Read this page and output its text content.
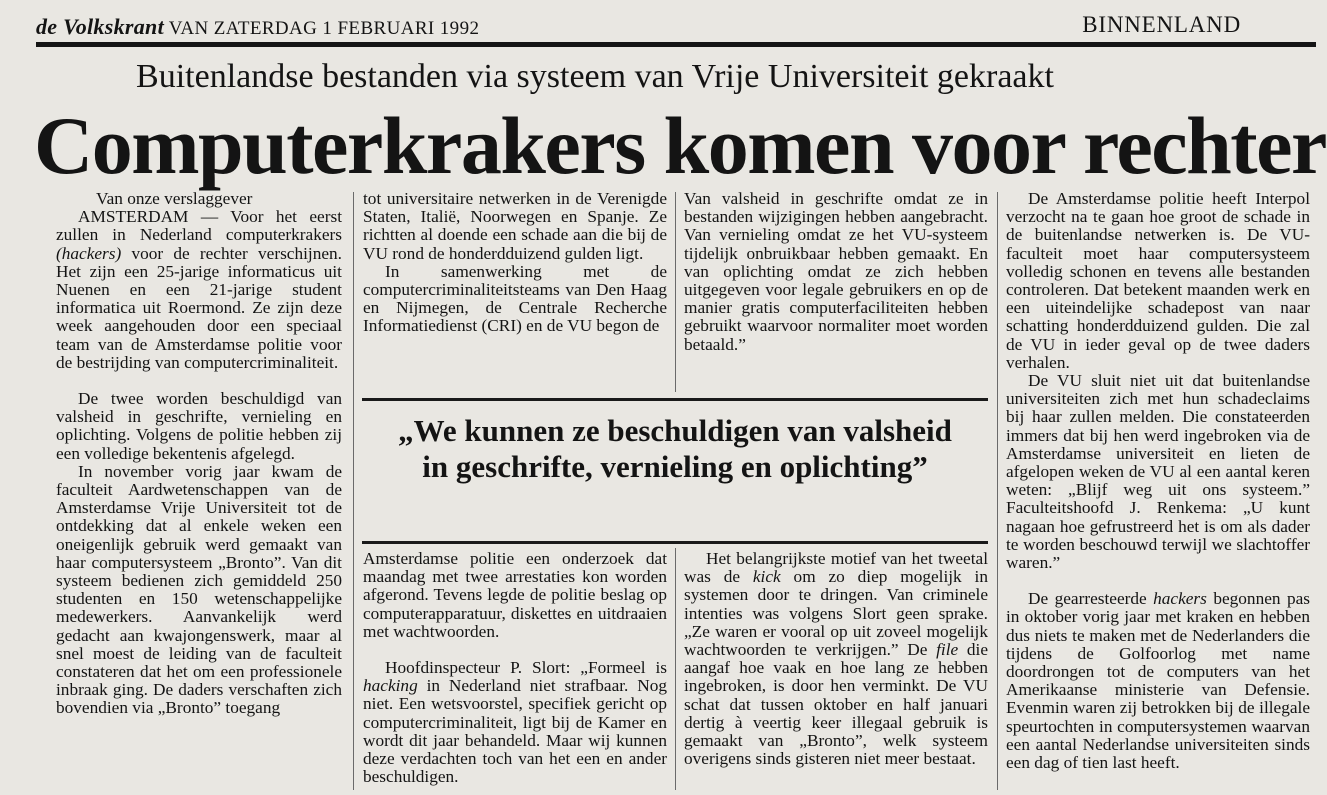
de Volkskrant VAN ZATERDAG 1 FEBRUARI 1992	BINNENLAND
Buitenlandse bestanden via systeem van Vrije Universiteit gekraakt
Computerkrakers komen voor rechter

Van onze verslaggever

AMSTERDAM — Voor het eerst zullen in Nederland computerkrakers (hackers) voor de rechter verschijnen. Het zijn een 25-jarige informaticus uit Nuenen en een 21-jarige student informatica uit Roermond. Ze zijn deze week aangehouden door een speciaal team van de Amsterdamse politie voor de bestrijding van computercriminaliteit.

De twee worden beschuldigd van valsheid in geschrifte, vernieling en oplichting. Volgens de politie hebben zij een volledige bekentenis afgelegd.

In november vorig jaar kwam de faculteit Aardwetenschappen van de Amsterdamse Vrije Universiteit tot de ontdekking dat al enkele weken een oneigenlijk gebruik werd gemaakt van haar computersysteem „Bronto”. Van dit systeem bedienen zich gemiddeld 250 studenten en 150 wetenschappelijke medewerkers. Aanvankelijk werd gedacht aan kwajongenswerk, maar al snel moest de leiding van de faculteit constateren dat het om een professionele inbraak ging. De daders verschaften zich bovendien via „Bronto” toegang

tot universitaire netwerken in de Verenigde Staten, Italië, Noorwegen en Spanje. Ze richtten al doende een schade aan die bij de VU rond de honderdduizend gulden ligt.

In samenwerking met de computercriminaliteitsteams van Den Haag en Nijmegen, de Centrale Recherche Informatiedienst (CRI) en de VU begon de

Van valsheid in geschrifte omdat ze in bestanden wijzigingen hebben aangebracht. Van vernieling omdat ze het VU-systeem tijdelijk onbruikbaar hebben gemaakt. En van oplichting omdat ze zich hebben uitgegeven voor legale gebruikers en op de manier gratis computerfaciliteiten hebben gebruikt waarvoor normaliter moet worden betaald.”

„We kunnen ze beschuldigen van valsheid
in geschrifte, vernieling en oplichting”

Amsterdamse politie een onderzoek dat maandag met twee arrestaties kon worden afgerond. Tevens legde de politie beslag op computerapparatuur, diskettes en uitdraaien met wachtwoorden.

Hoofdinspecteur P. Slort: „Formeel is hacking in Nederland niet strafbaar. Nog niet. Een wetsvoorstel, specifiek gericht op computercriminaliteit, ligt bij de Kamer en wordt dit jaar behandeld. Maar wij kunnen deze verdachten toch van het een en ander beschuldigen.

Het belangrijkste motief van het tweetal was de kick om zo diep mogelijk in systemen door te dringen. Van criminele intenties was volgens Slort geen sprake. „Ze waren er vooral op uit zoveel mogelijk wachtwoorden te verkrijgen.” De file die aangaf hoe vaak en hoe lang ze hebben ingebroken, is door hen verminkt. De VU schat dat tussen oktober en half januari dertig à veertig keer illegaal gebruik is gemaakt van „Bronto”, welk systeem overigens sinds gisteren niet meer bestaat.

De Amsterdamse politie heeft Interpol verzocht na te gaan hoe groot de schade in de buitenlandse netwerken is. De VU-faculteit moet haar computersysteem volledig schonen en tevens alle bestanden controleren. Dat betekent maanden werk en een uiteindelijke schadepost van naar schatting honderdduizend gulden. Die zal de VU in ieder geval op de twee daders verhalen.

De VU sluit niet uit dat buitenlandse universiteiten zich met hun schadeclaims bij haar zullen melden. Die constateerden immers dat bij hen werd ingebroken via de Amsterdamse universiteit en lieten de afgelopen weken de VU al een aantal keren weten: „Blijf weg uit ons systeem.” Faculteitshoofd J. Renkema: „U kunt nagaan hoe gefrustreerd het is om als dader te worden beschouwd terwijl we slachtoffer waren.”

De gearresteerde hackers begonnen pas in oktober vorig jaar met kraken en hebben dus niets te maken met de Nederlanders die tijdens de Golfoorlog met name doordrongen tot de computers van het Amerikaanse ministerie van Defensie. Evenmin waren zij betrokken bij de illegale speurtochten in computersystemen waarvan een aantal Nederlandse universiteiten sinds een dag of tien last heeft.
